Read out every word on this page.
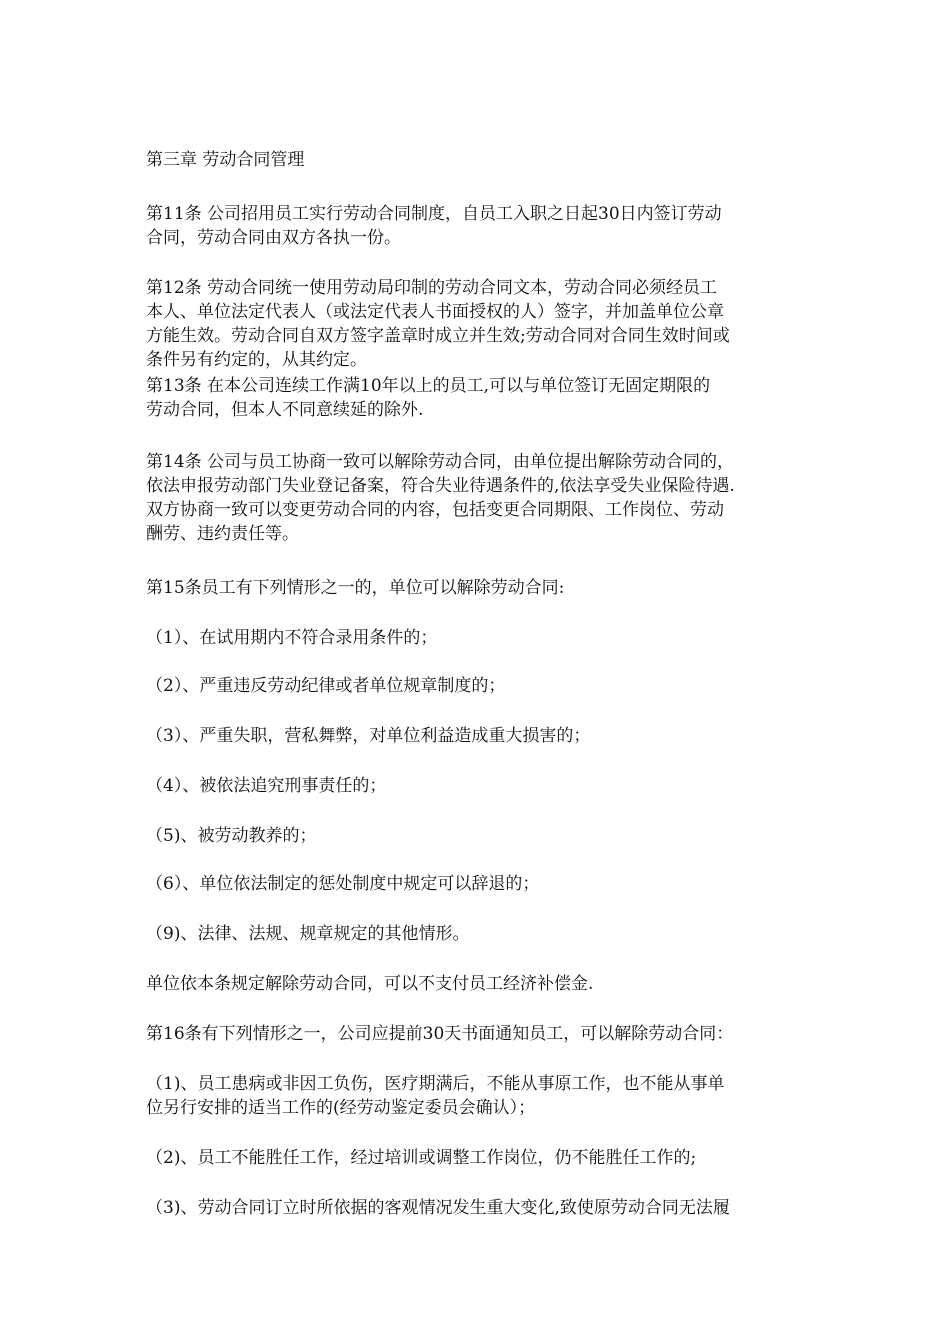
第三章 劳动合同管理

第11条 公司招用员工实行劳动合同制度，自员工入职之日起30日内签订劳动

合同，劳动合同由双方各执一份。

第12条 劳动合同统一使用劳动局印制的劳动合同文本，劳动合同必须经员工

本人、单位法定代表人（或法定代表人书面授权的人）签字，并加盖单位公章

方能生效。劳动合同自双方签字盖章时成立并生效;劳动合同对合同生效时间或

条件另有约定的，从其约定。

第13条 在本公司连续工作满10年以上的员工,可以与单位签订无固定期限的

劳动合同，但本人不同意续延的除外.

第14条 公司与员工协商一致可以解除劳动合同，由单位提出解除劳动合同的，

依法申报劳动部门失业登记备案，符合失业待遇条件的,依法享受失业保险待遇.

双方协商一致可以变更劳动合同的内容，包括变更合同期限、工作岗位、劳动

酬劳、违约责任等。

第15条员工有下列情形之一的，单位可以解除劳动合同:

（1）、在试用期内不符合录用条件的；

（2）、严重违反劳动纪律或者单位规章制度的；

（3）、严重失职，营私舞弊，对单位利益造成重大损害的；

（4）、被依法追究刑事责任的；

（5)、被劳动教养的；

（6）、单位依法制定的惩处制度中规定可以辞退的；

（9)、法律、法规、规章规定的其他情形。

单位依本条规定解除劳动合同，可以不支付员工经济补偿金.

第16条有下列情形之一，公司应提前30天书面通知员工，可以解除劳动合同：

（1)、员工患病或非因工负伤，医疗期满后，不能从事原工作，也不能从事单

位另行安排的适当工作的(经劳动鉴定委员会确认）；

（2)、员工不能胜任工作，经过培训或调整工作岗位，仍不能胜任工作的;

（3)、劳动合同订立时所依据的客观情况发生重大变化,致使原劳动合同无法履
